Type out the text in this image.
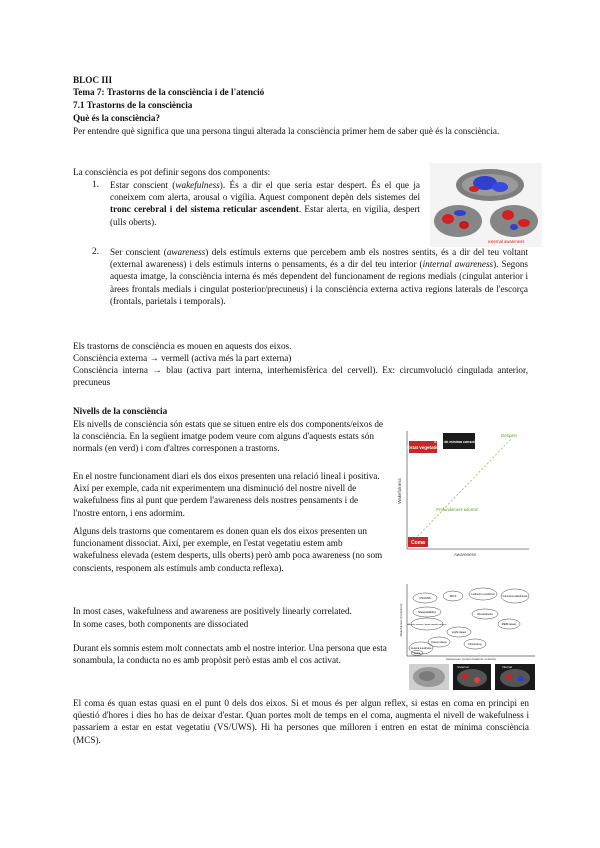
BLOC III
Tema 7: Trastorns de la consciència i de l'atenció
7.1 Trastorns de la consciència
Què és la consciència?

Per entendre què significa que una persona tingui alterada la consciència primer hem de saber què és la consciència.

La consciència es pot definir segons dos components:

external awareness
1. Estar conscient (wakefulness). És a dir el que seria estar despert. És el que ja coneixem com alerta, arousal o vigília. Aquest component depèn dels sistemes del tronc cerebral i del sistema reticular ascendent. Estar alerta, en vigília, despert (ulls oberts).

2. Ser conscient (awareness) dels estímuls externs que percebem amb els nostres sentits, és a dir del teu voltant (external awareness) i dels estímuls interns o pensaments, és a dir del teu interior (internal awareness). Segons aquesta imatge, la consciència interna és més dependent del funcionament de regions medials (cingulat anterior i àrees frontals medials i cingulat posterior/precuneus) i la consciència externa activa regions laterals de l'escorça (frontals, parietals i temporals).

Els trastorns de consciència es mouen en aquests dos eixos.

Consciència externa → vermell (activa més la part externa)

Consciència interna → blau (activa part interna, interhemisfèrica del cervell). Ex: circumvolució cingulada anterior, precuneus

Nivells de la consciència

Els nivells de consciència són estats que se situen entre els dos components/eixos de la consciència. En la següent imatge podem veure com alguns d'aquests estats són normals (en verd) i com d'altres corresponen a trastorns.

En el nostre funcionament diari els dos eixos presenten una relació lineal i positiva. Així per exemple, cada nit experimentem una disminució del nostre nivell de wakefulness fins al punt que perdem l'awareness dels nostres pensaments i de l'nostre entorn, i ens adormim.

Alguns dels trastorns que comentarem es donen quan els dos eixos presenten un funcionament dissociat. Així, per exemple, en l'estat vegetatiu estem amb wakefulness elevada (estem desperts, ulls oberts) però amb poca awareness (no som conscients, responem als estímuls amb conducta reflexa).

Estat vegetatiu
Estat de mínima consciència
Despert
Profundament adormit
Coma
Wakefulness
Awareness

In most cases, wakefulness and awareness are positively linearly correlated.

In some cases, both components are dissociated

Durant els somnis estem molt connectats amb el nostre interior. Una persona que esta sonambula, la conducta no es amb propòsit però estas amb el cos activat.

El coma és quan estas quasi en el punt 0 dels dos eixos. Si et mous és per algun reflex, si estas en coma en principi en qüestió d'hores i dies ho has de deixar d'estar. Quan portes molt de temps en el coma, augmenta el nivell de wakefulness i passariem a estar en estat vegetatiu (VS/UWS). Hi ha persones que milloren i entren en estat de mínima consciència (MCS).

Wakefulness (brainstem)
VS/UWS	MCS	Locked-in syndrome
Conscious wakefulness
Sleepwalking
Absence seizures / partial complex seizures
Drowsiness
REM sleep
Light sleep
Deep sleep
General anesthesia
Coma
Dreaming
Awareness (cortico-thalamic network)
External	Internal
